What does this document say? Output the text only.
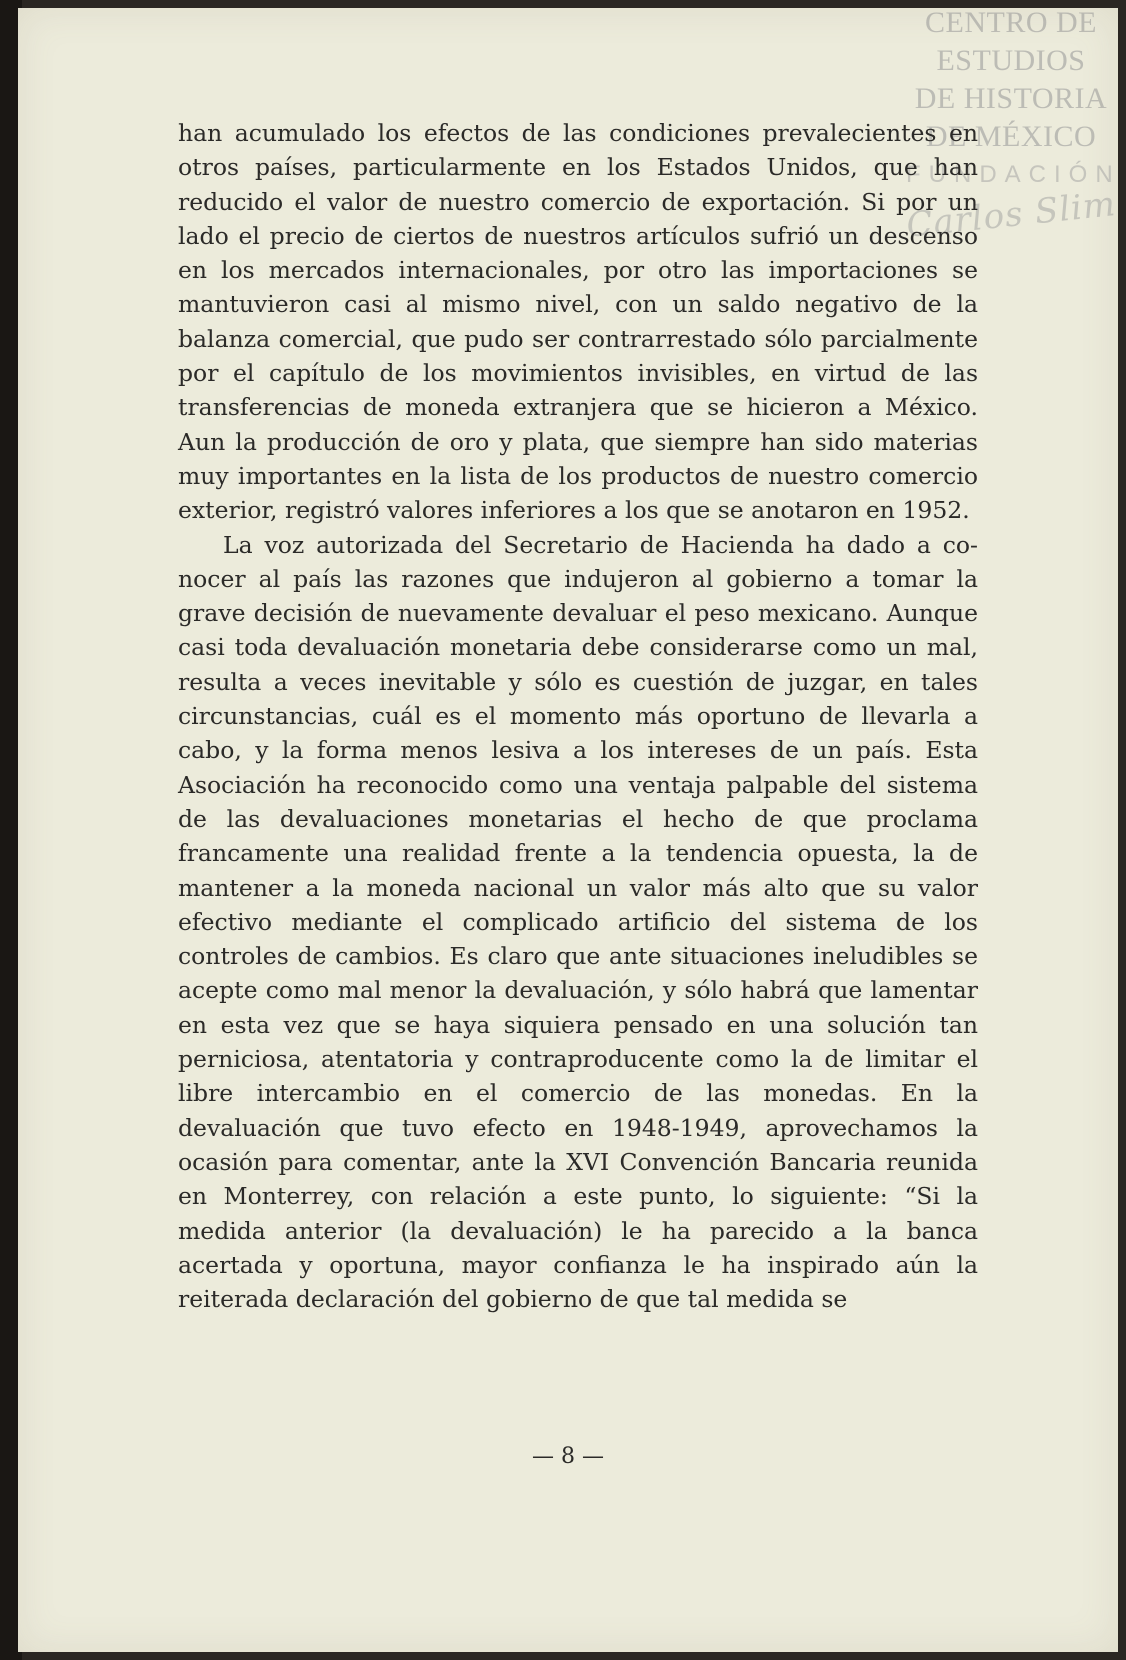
CENTRO DE
ESTUDIOS
DE HISTORIA
DE MÉXICO
FUNDACIÓN
Carlos Slim

han acumulado los efectos de las condiciones prevalecientes en otros países, particularmente en los Estados Unidos, que han reducido el valor de nuestro comercio de exportación. Si por un lado el precio de ciertos de nuestros artículos sufrió un descenso en los mercados internacionales, por otro las importaciones se mantuvieron casi al mismo nivel, con un saldo negativo de la balanza comercial, que pudo ser contrarrestado sólo parcialmente por el capítulo de los movimientos invisibles, en virtud de las transferencias de moneda extranjera que se hicieron a México. Aun la producción de oro y plata, que siempre han sido materias muy importantes en la lista de los productos de nuestro comercio exterior, registró valores inferiores a los que se anotaron en 1952.

La voz autorizada del Secretario de Hacienda ha dado a conocer al país las razones que indujeron al gobierno a tomar la grave decisión de nuevamente devaluar el peso mexicano. Aunque casi toda devaluación monetaria debe considerarse como un mal, resulta a veces inevitable y sólo es cuestión de juzgar, en tales circunstancias, cuál es el momento más oportuno de llevarla a cabo, y la forma menos lesiva a los intereses de un país. Esta Asociación ha reconocido como una ventaja palpable del sistema de las devaluaciones monetarias el hecho de que proclama francamente una realidad frente a la tendencia opuesta, la de mantener a la moneda nacional un valor más alto que su valor efectivo mediante el complicado artificio del sistema de los controles de cambios. Es claro que ante situaciones ineludibles se acepte como mal menor la devaluación, y sólo habrá que lamentar en esta vez que se haya siquiera pensado en una solución tan perniciosa, atentatoria y contraproducente como la de limitar el libre intercambio en el comercio de las monedas. En la devaluación que tuvo efecto en 1948-1949, aprovechamos la ocasión para comentar, ante la XVI Convención Bancaria reunida en Monterrey, con relación a este punto, lo siguiente: “Si la medida anterior (la devaluación) le ha parecido a la banca acertada y oportuna, mayor confianza le ha inspirado aún la reiterada declaración del gobierno de que tal medida se

— 8 —
